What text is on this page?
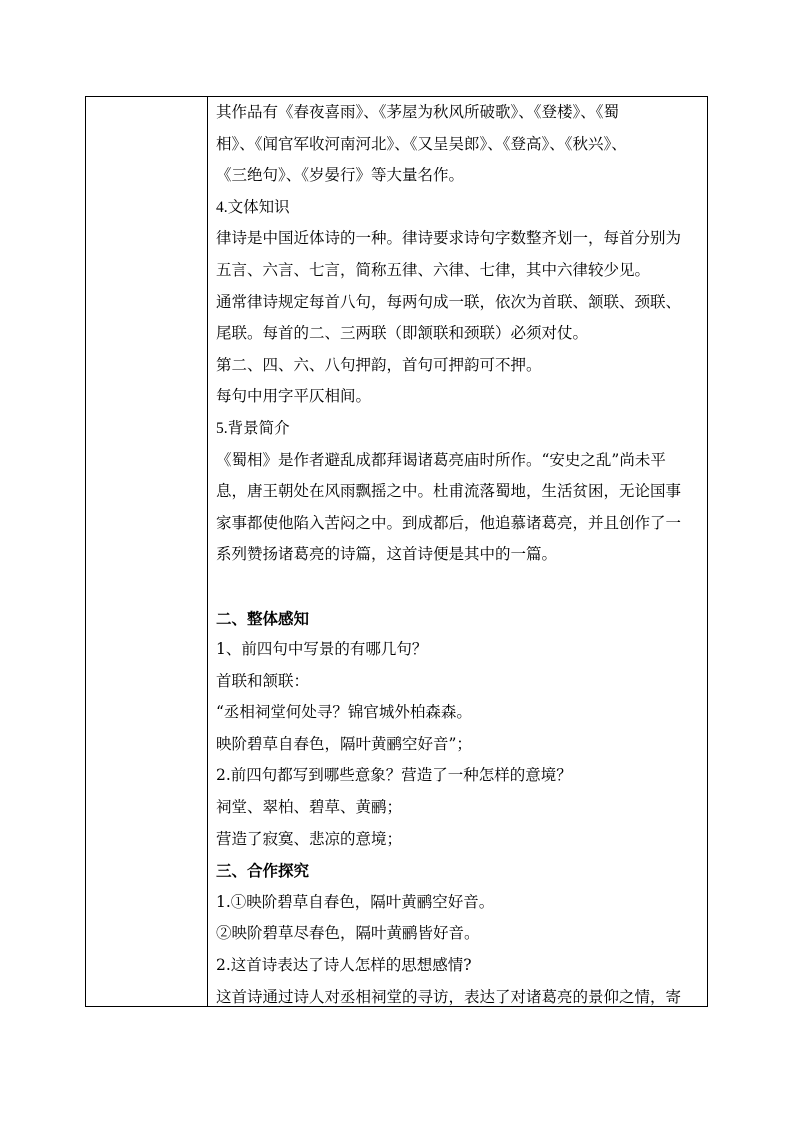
其作品有《春夜喜雨》、《茅屋为秋风所破歌》、《登楼》、《蜀

相》、《闻官军收河南河北》、《又呈吴郎》、《登高》、《秋兴》、

《三绝句》、《岁晏行》等大量名作。

4.文体知识

律诗是中国近体诗的一种。律诗要求诗句字数整齐划一，每首分别为

五言、六言、七言，简称五律、六律、七律，其中六律较少见。

通常律诗规定每首八句，每两句成一联，依次为首联、颔联、颈联、

尾联。每首的二、三两联（即颔联和颈联）必须对仗。

第二、四、六、八句押韵，首句可押韵可不押。

每句中用字平仄相间。

5.背景简介

《蜀相》是作者避乱成都拜谒诸葛亮庙时所作。“安史之乱”尚未平

息，唐王朝处在风雨飘摇之中。杜甫流落蜀地，生活贫困，无论国事

家事都使他陷入苦闷之中。到成都后，他追慕诸葛亮，并且创作了一

系列赞扬诸葛亮的诗篇，这首诗便是其中的一篇。

二、整体感知

1、前四句中写景的有哪几句？

首联和颔联：

“丞相祠堂何处寻？锦官城外柏森森。

映阶碧草自春色，隔叶黄鹂空好音”；

2.前四句都写到哪些意象？营造了一种怎样的意境？

祠堂、翠柏、碧草、黄鹂；

营造了寂寞、悲凉的意境；

三、合作探究

1.①映阶碧草自春色，隔叶黄鹂空好音。

②映阶碧草尽春色，隔叶黄鹂皆好音。

2.这首诗表达了诗人怎样的思想感情?

这首诗通过诗人对丞相祠堂的寻访，表达了对诸葛亮的景仰之情，寄
